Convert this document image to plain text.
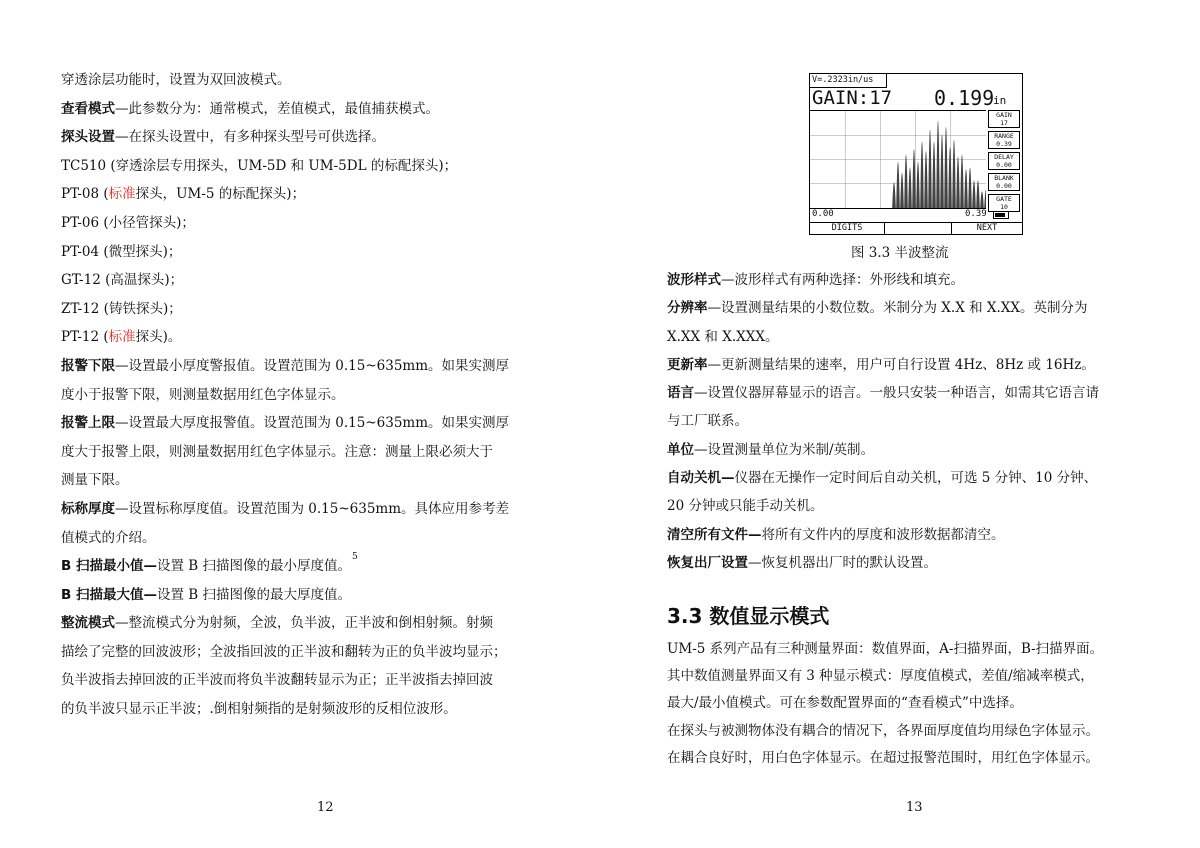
穿透涂层功能时，设置为双回波模式。
查看模式—此参数分为：通常模式，差值模式，最值捕获模式。
探头设置—在探头设置中，有多种探头型号可供选择。
TC510 (穿透涂层专用探头，UM-5D 和 UM-5DL 的标配探头)；
PT-08 (标准探头，UM-5 的标配探头)；
PT-06 (小径管探头)；
PT-04 (微型探头)；
GT-12 (高温探头)；
ZT-12 (铸铁探头)；
PT-12 (标准探头)。
报警下限—设置最小厚度警报值。设置范围为 0.15~635mm。如果实测厚
度小于报警下限，则测量数据用红色字体显示。
报警上限—设置最大厚度报警值。设置范围为 0.15~635mm。如果实测厚
度大于报警上限，则测量数据用红色字体显示。注意：测量上限必须大于
测量下限。
标称厚度—设置标称厚度值。设置范围为 0.15~635mm。具体应用参考差
值模式的介绍。
B 扫描最小值—设置 B 扫描图像的最小厚度值。
B 扫描最大值—设置 B 扫描图像的最大厚度值。
整流模式—整流模式分为射频，全波，负半波，正半波和倒相射频。射频
描绘了完整的回波波形；全波指回波的正半波和翻转为正的负半波均显示；
负半波指去掉回波的正半波而将负半波翻转显示为正；正半波指去掉回波
的负半波只显示正半波；.倒相射频指的是射频波形的反相位波形。
5
12
V=.2323in/us
GAIN:17 0.199
in
GAIN
17
RANGE
0.39
DELAY
0.00
BLANK
0.00
GATE
10
0.00	0.39
DIGITS	NEXT
图 3.3 半波整流
波形样式—波形样式有两种选择：外形线和填充。
分辨率—设置测量结果的小数位数。米制分为 X.X 和 X.XX。英制分为
X.XX 和 X.XXX。
更新率—更新测量结果的速率，用户可自行设置 4Hz、8Hz 或 16Hz。
语言—设置仪器屏幕显示的语言。一般只安装一种语言，如需其它语言请
与工厂联系。
单位—设置测量单位为米制/英制。
自动关机—仪器在无操作一定时间后自动关机，可选 5 分钟、10 分钟、
20 分钟或只能手动关机。
清空所有文件—将所有文件内的厚度和波形数据都清空。
恢复出厂设置—恢复机器出厂时的默认设置。
3.3 数值显示模式
UM-5 系列产品有三种测量界面：数值界面，A-扫描界面，B-扫描界面。
其中数值测量界面又有 3 种显示模式：厚度值模式，差值/缩减率模式，
最大/最小值模式。可在参数配置界面的“查看模式”中选择。
在探头与被测物体没有耦合的情况下，各界面厚度值均用绿色字体显示。
在耦合良好时，用白色字体显示。在超过报警范围时，用红色字体显示。
13
